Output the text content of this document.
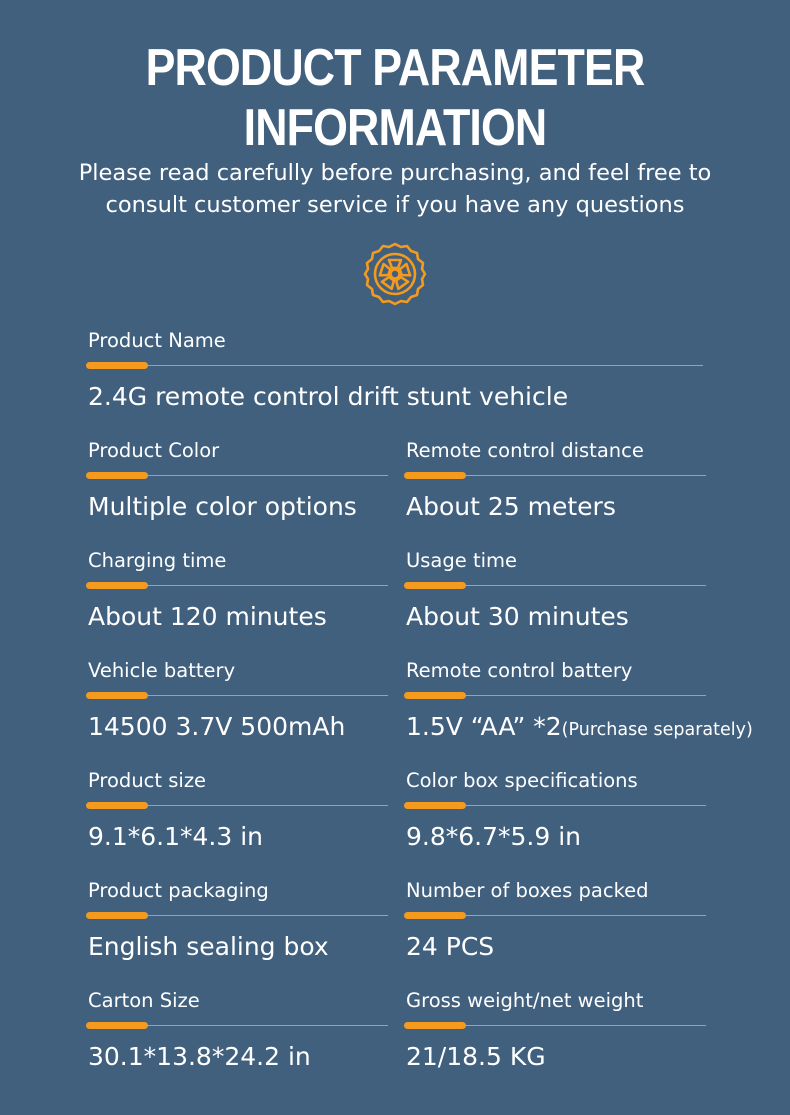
PRODUCT PARAMETER
INFORMATION
Please read carefully before purchasing, and feel free to
consult customer service if you have any questions
Product Name
2.4G remote control drift stunt vehicle
Product Color
Multiple color options
Remote control distance
About 25 meters
Charging time
About 120 minutes
Usage time
About 30 minutes
Vehicle battery
14500 3.7V 500mAh
Remote control battery
1.5V “AA” *2(Purchase separately)
Product size
9.1*6.1*4.3 in
Color box specifications
9.8*6.7*5.9 in
Product packaging
English sealing box
Number of boxes packed
24 PCS
Carton Size
30.1*13.8*24.2 in
Gross weight/net weight
21/18.5 KG
